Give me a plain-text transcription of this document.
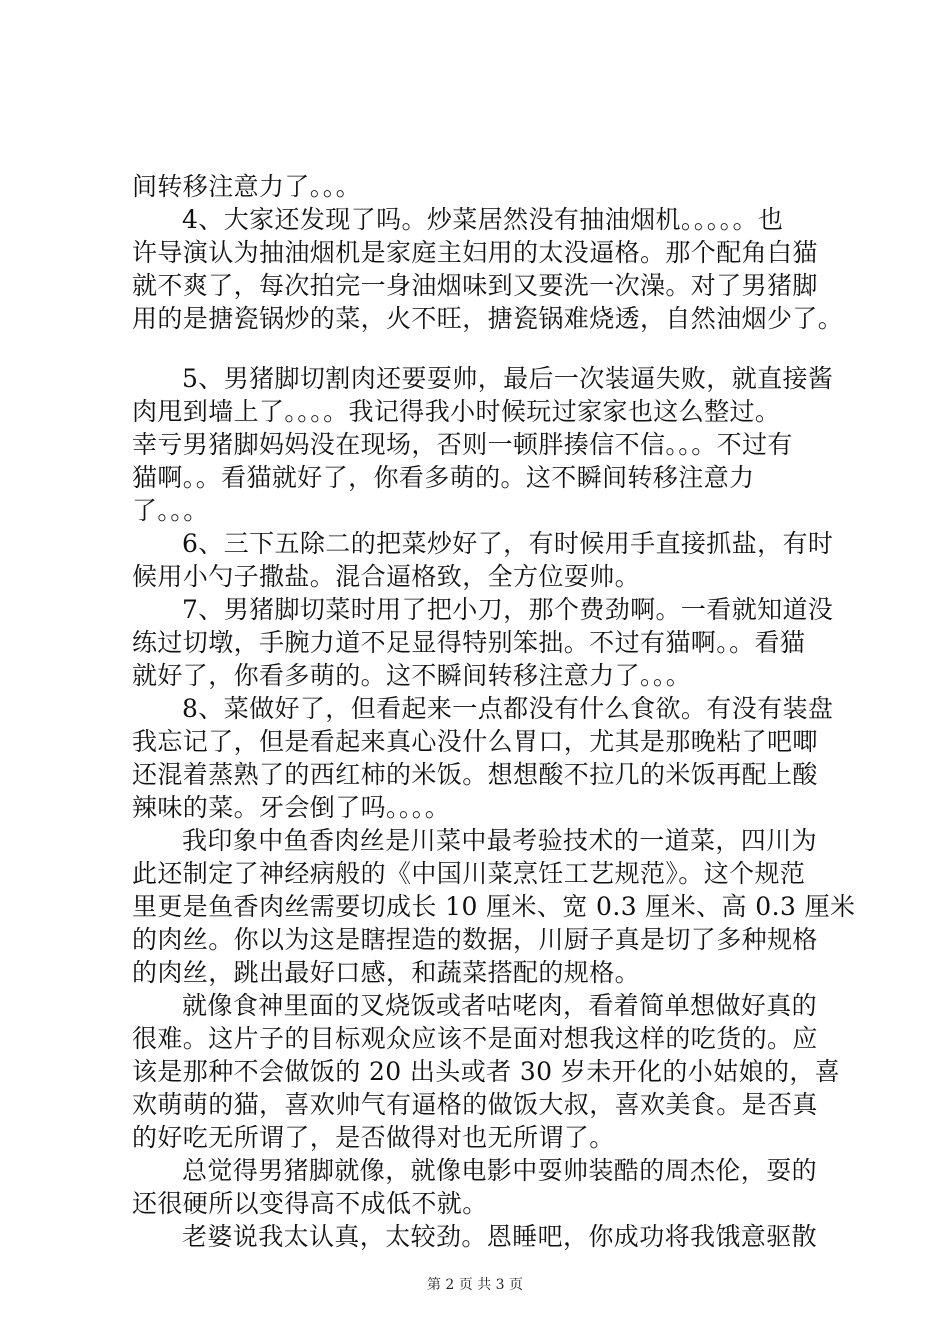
间转移注意力了。。。
4、大家还发现了吗。炒菜居然没有抽油烟机。。。。。也
许导演认为抽油烟机是家庭主妇用的太没逼格。那个配角白猫
就不爽了，每次拍完一身油烟味到又要洗一次澡。对了男猪脚
用的是搪瓷锅炒的菜，火不旺，搪瓷锅难烧透，自然油烟少了。
5、男猪脚切割肉还要耍帅，最后一次装逼失败，就直接酱
肉甩到墙上了。。。。我记得我小时候玩过家家也这么整过。
幸亏男猪脚妈妈没在现场，否则一顿胖揍信不信。。。不过有
猫啊。。看猫就好了，你看多萌的。这不瞬间转移注意力
了。。。
6、三下五除二的把菜炒好了，有时候用手直接抓盐，有时
候用小勺子撒盐。混合逼格致，全方位耍帅。
7、男猪脚切菜时用了把小刀，那个费劲啊。一看就知道没
练过切墩，手腕力道不足显得特别笨拙。不过有猫啊。。看猫
就好了，你看多萌的。这不瞬间转移注意力了。。。
8、菜做好了，但看起来一点都没有什么食欲。有没有装盘
我忘记了，但是看起来真心没什么胃口，尤其是那晚粘了吧唧
还混着蒸熟了的西红柿的米饭。想想酸不拉几的米饭再配上酸
辣味的菜。牙会倒了吗。。。。
我印象中鱼香肉丝是川菜中最考验技术的一道菜，四川为
此还制定了神经病般的《中国川菜烹饪工艺规范》。这个规范
里更是鱼香肉丝需要切成长 10 厘米、宽 0.3 厘米、高 0.3 厘米
的肉丝。你以为这是瞎捏造的数据，川厨子真是切了多种规格
的肉丝，跳出最好口感，和蔬菜搭配的规格。
就像食神里面的叉烧饭或者咕咾肉，看着简单想做好真的
很难。这片子的目标观众应该不是面对想我这样的吃货的。应
该是那种不会做饭的 20 出头或者 30 岁未开化的小姑娘的，喜
欢萌萌的猫，喜欢帅气有逼格的做饭大叔，喜欢美食。是否真
的好吃无所谓了，是否做得对也无所谓了。
总觉得男猪脚就像，就像电影中耍帅装酷的周杰伦，耍的
还很硬所以变得高不成低不就。
老婆说我太认真，太较劲。恩睡吧，你成功将我饿意驱散
第 2 页 共 3 页
